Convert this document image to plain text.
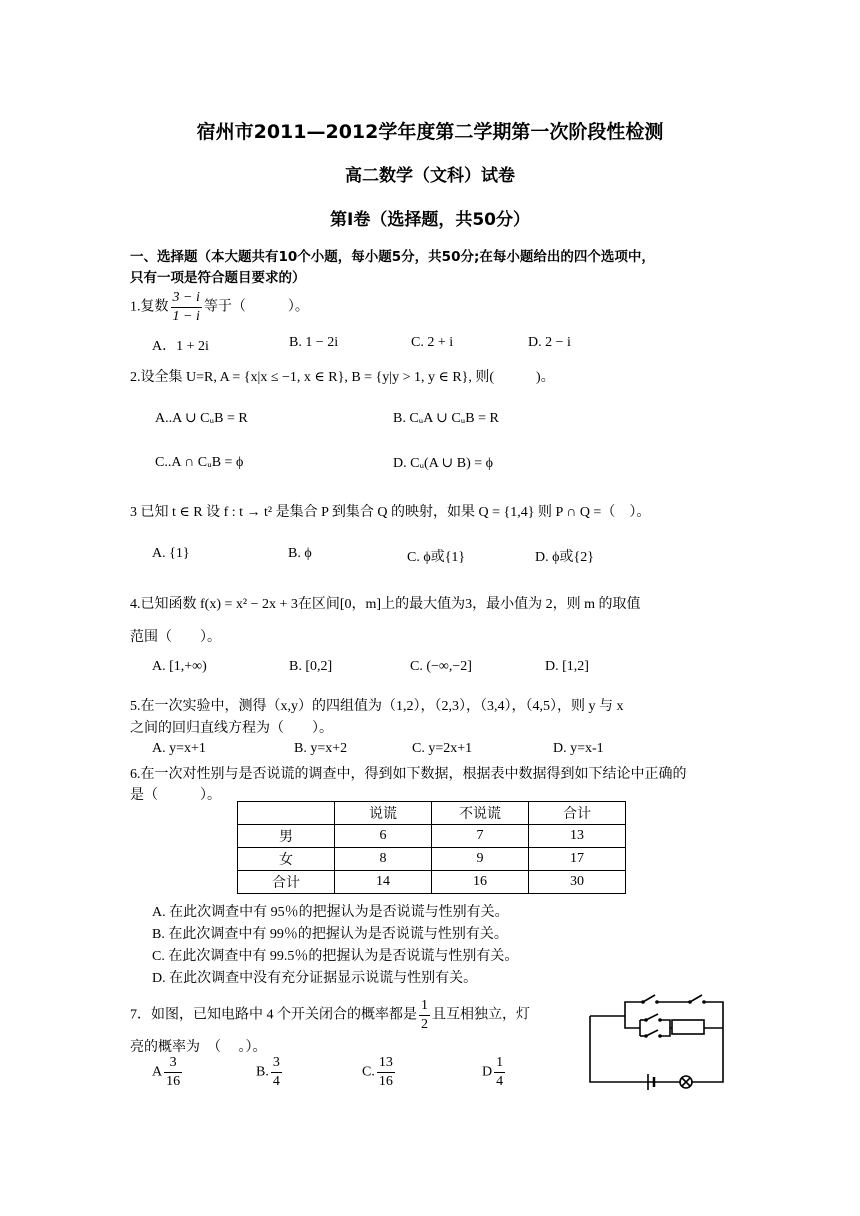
宿州市2011—2012学年度第二学期第一次阶段性检测
高二数学（文科）试卷
第Ⅰ卷（选择题，共50分）
一、选择题（本大题共有10个小题，每小题5分，共50分;在每小题给出的四个选项中，
只有一项是符合题目要求的）
1.复数 $\frac{3 - i}{1 - i}$ 等于（　　　）。
A．1 + 2i	B. 1 − 2i	C. 2 + i	D. 2 − i
2.设全集 U=R, A = {x|x ≤ −1, x ∈ R}, B = {y|y > 1, y ∈ R}, 则(　　　)。
A..A ∪ CᵤB = R	B. CᵤA ∪ CᵤB = R
C..A ∩ CᵤB = ϕ	D. Cᵤ(A ∪ B) = ϕ
3 已知 t ∈ R 设 f : t → t² 是集合 P 到集合 Q 的映射，如果 Q = {1,4} 则 P ∩ Q =（　）。
A. {1}	B. ϕ	C. ϕ或{1}	D. ϕ或{2}
4.已知函数 f(x) = x² − 2x + 3在区间[0，m]上的最大值为3，最小值为 2，则 m 的取值
范围（　　）。
A. [1,+∞)	B. [0,2]	C. (−∞,−2]	D. [1,2]
5.在一次实验中，测得（x,y）的四组值为（1,2），（2,3），（3,4），（4,5），则 y 与 x
之间的回归直线方程为（　　）。
A. y=x+1	B. y=x+2	C. y=2x+1	D. y=x-1
6.在一次对性别与是否说谎的调查中，得到如下数据，根据表中数据得到如下结论中正确的
是（　　　）。
	说谎	不说谎	合计
男	6	7	13
女	8	9	17
合计	14	16	30
A. 在此次调查中有 95％的把握认为是否说谎与性别有关。
B. 在此次调查中有 99％的把握认为是否说谎与性别有关。
C. 在此次调查中有 99.5％的把握认为是否说谎与性别有关。
D. 在此次调查中没有充分证据显示说谎与性别有关。
7．如图，已知电路中 4 个开关闭合的概率都是 $\frac{1}{2}$ 且互相独立，灯
亮的概率为　（　 。）。
A $\frac{3}{16}$	B. $\frac{3}{4}$	C. $\frac{13}{16}$	D $\frac{1}{4}$
